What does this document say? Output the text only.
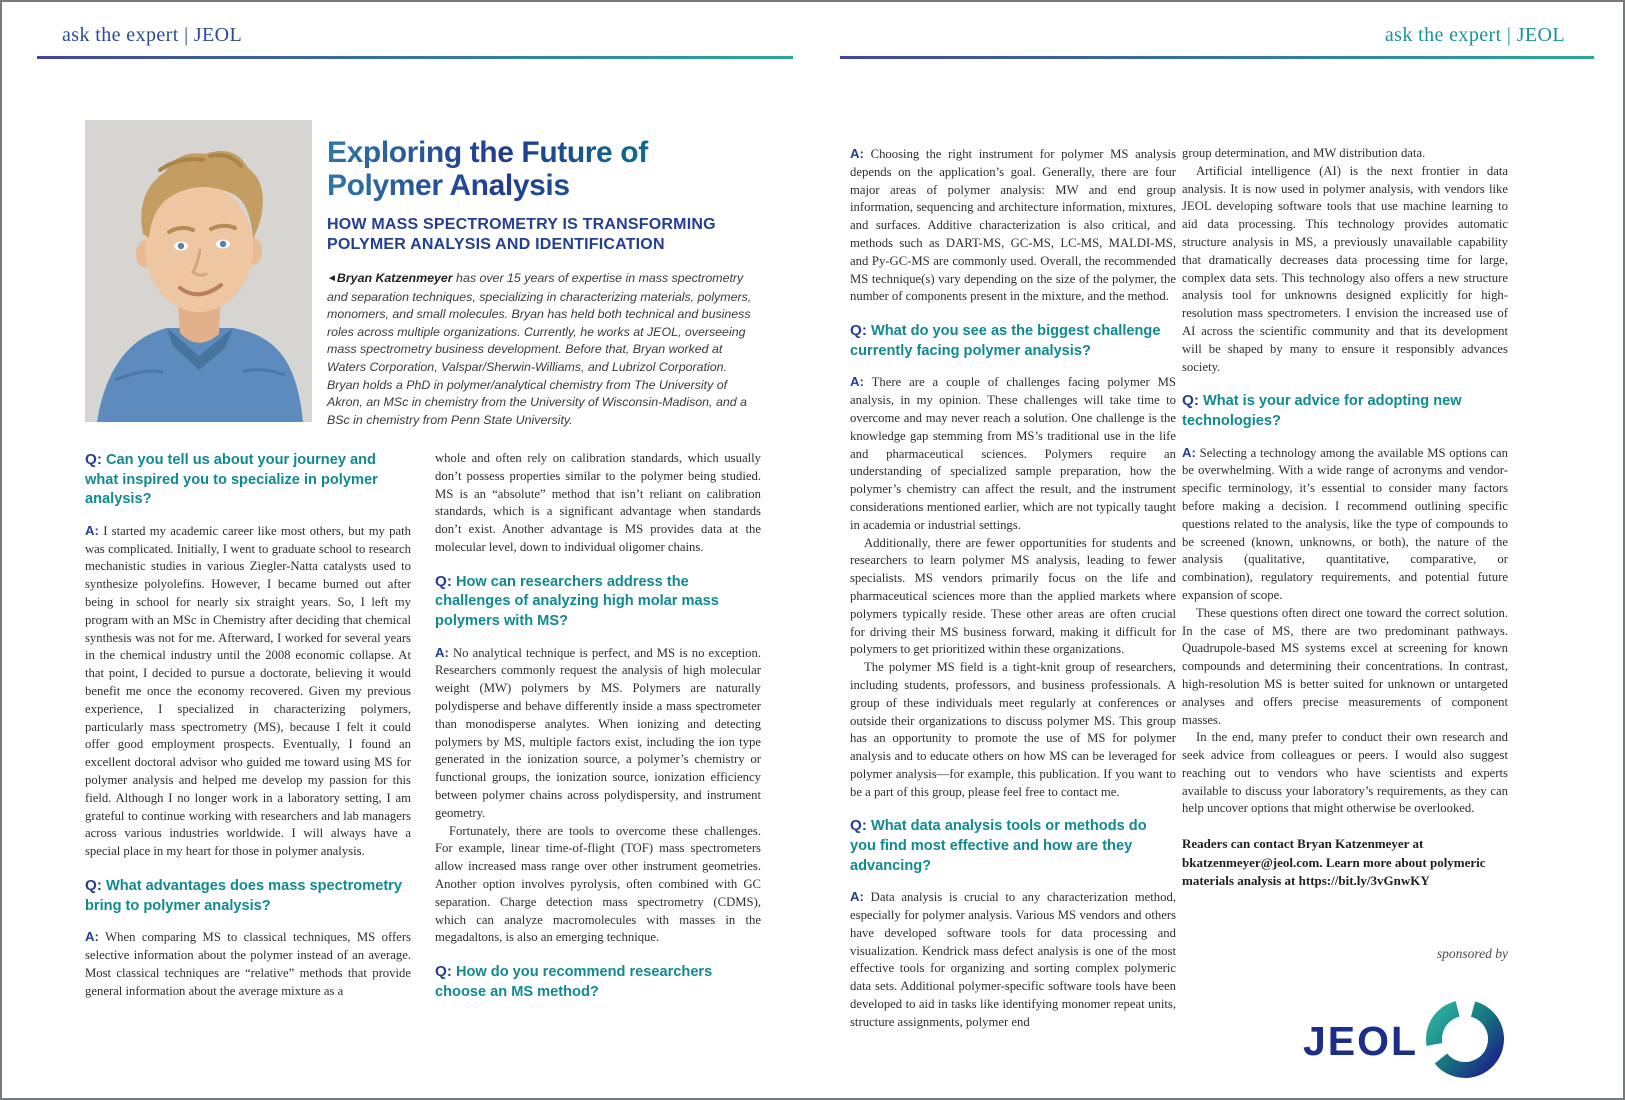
ask the expert | JEOL	ask the expert | JEOL
Exploring the Future of
Polymer Analysis
HOW MASS SPECTROMETRY IS TRANSFORMING
POLYMER ANALYSIS AND IDENTIFICATION

◄Bryan Katzenmeyer has over 15 years of expertise in mass spectrometry and separation techniques, specializing in characterizing materials, polymers, monomers, and small molecules. Bryan has held both technical and business roles across multiple organizations. Currently, he works at JEOL, overseeing mass spectrometry business development. Before that, Bryan worked at Waters Corporation, Valspar/Sherwin-Williams, and Lubrizol Corporation. Bryan holds a PhD in polymer/analytical chemistry from The University of Akron, an MSc in chemistry from the University of Wisconsin-Madison, and a BSc in chemistry from Penn State University.

Q: Can you tell us about your journey and what inspired you to specialize in polymer analysis?

A: I started my academic career like most others, but my path was complicated. Initially, I went to graduate school to research mechanistic studies in various Ziegler-Natta catalysts used to synthesize polyolefins. However, I became burned out after being in school for nearly six straight years. So, I left my program with an MSc in Chemistry after deciding that chemical synthesis was not for me. Afterward, I worked for several years in the chemical industry until the 2008 economic collapse. At that point, I decided to pursue a doctorate, believing it would benefit me once the economy recovered. Given my previous experience, I specialized in characterizing polymers, particularly mass spectrometry (MS), because I felt it could offer good employment prospects. Eventually, I found an excellent doctoral advisor who guided me toward using MS for polymer analysis and helped me develop my passion for this field. Although I no longer work in a laboratory setting, I am grateful to continue working with researchers and lab managers across various industries worldwide. I will always have a special place in my heart for those in polymer analysis.

Q: What advantages does mass spectrometry bring to polymer analysis?

A: When comparing MS to classical techniques, MS offers selective information about the polymer instead of an average. Most classical techniques are “relative” methods that provide general information about the average mixture as a

whole and often rely on calibration standards, which usually don’t possess properties similar to the polymer being studied. MS is an “absolute” method that isn’t reliant on calibration standards, which is a significant advantage when standards don’t exist. Another advantage is MS provides data at the molecular level, down to individual oligomer chains.

Q: How can researchers address the challenges of analyzing high molar mass polymers with MS?

A: No analytical technique is perfect, and MS is no exception. Researchers commonly request the analysis of high molecular weight (MW) polymers by MS. Polymers are naturally polydisperse and behave differently inside a mass spectrometer than monodisperse analytes. When ionizing and detecting polymers by MS, multiple factors exist, including the ion type generated in the ionization source, a polymer’s chemistry or functional groups, the ionization source, ionization efficiency between polymer chains across polydispersity, and instrument geometry.

Fortunately, there are tools to overcome these challenges. For example, linear time-of-flight (TOF) mass spectrometers allow increased mass range over other instrument geometries. Another option involves pyrolysis, often combined with GC separation. Charge detection mass spectrometry (CDMS), which can analyze macromolecules with masses in the megadaltons, is also an emerging technique.

Q: How do you recommend researchers choose an MS method?

A: Choosing the right instrument for polymer MS analysis depends on the application’s goal. Generally, there are four major areas of polymer analysis: MW and end group information, sequencing and architecture information, mixtures, and surfaces. Additive characterization is also critical, and methods such as DART-MS, GC-MS, LC-MS, MALDI-MS, and Py-GC-MS are commonly used. Overall, the recommended MS technique(s) vary depending on the size of the polymer, the number of components present in the mixture, and the method.

Q: What do you see as the biggest challenge currently facing polymer analysis?

A: There are a couple of challenges facing polymer MS analysis, in my opinion. These challenges will take time to overcome and may never reach a solution. One challenge is the knowledge gap stemming from MS’s traditional use in the life and pharmaceutical sciences. Polymers require an understanding of specialized sample preparation, how the polymer’s chemistry can affect the result, and the instrument considerations mentioned earlier, which are not typically taught in academia or industrial settings.

Additionally, there are fewer opportunities for students and researchers to learn polymer MS analysis, leading to fewer specialists. MS vendors primarily focus on the life and pharmaceutical sciences more than the applied markets where polymers typically reside. These other areas are often crucial for driving their MS business forward, making it difficult for polymers to get prioritized within these organizations.

The polymer MS field is a tight-knit group of researchers, including students, professors, and business professionals. A group of these individuals meet regularly at conferences or outside their organizations to discuss polymer MS. This group has an opportunity to promote the use of MS for polymer analysis and to educate others on how MS can be leveraged for polymer analysis—for example, this publication. If you want to be a part of this group, please feel free to contact me.

Q: What data analysis tools or methods do you find most effective and how are they advancing?

A: Data analysis is crucial to any characterization method, especially for polymer analysis. Various MS vendors and others have developed software tools for data processing and visualization. Kendrick mass defect analysis is one of the most effective tools for organizing and sorting complex polymeric data sets. Additional polymer-specific software tools have been developed to aid in tasks like identifying monomer repeat units, structure assignments, polymer end

group determination, and MW distribution data.

Artificial intelligence (AI) is the next frontier in data analysis. It is now used in polymer analysis, with vendors like JEOL developing software tools that use machine learning to aid data processing. This technology provides automatic structure analysis in MS, a previously unavailable capability that dramatically decreases data processing time for large, complex data sets. This technology also offers a new structure analysis tool for unknowns designed explicitly for high-resolution mass spectrometers. I envision the increased use of AI across the scientific community and that its development will be shaped by many to ensure it responsibly advances society.

Q: What is your advice for adopting new technologies?

A: Selecting a technology among the available MS options can be overwhelming. With a wide range of acronyms and vendor-specific terminology, it’s essential to consider many factors before making a decision. I recommend outlining specific questions related to the analysis, like the type of compounds to be screened (known, unknowns, or both), the nature of the analysis (qualitative, quantitative, comparative, or combination), regulatory requirements, and potential future expansion of scope.

These questions often direct one toward the correct solution. In the case of MS, there are two predominant pathways. Quadrupole-based MS systems excel at screening for known compounds and determining their concentrations. In contrast, high-resolution MS is better suited for unknown or untargeted analyses and offers precise measurements of component masses.

In the end, many prefer to conduct their own research and seek advice from colleagues or peers. I would also suggest reaching out to vendors who have scientists and experts available to discuss your laboratory’s requirements, as they can help uncover options that might otherwise be overlooked.

Readers can contact Bryan Katzenmeyer at bkatzenmeyer@jeol.com. Learn more about polymeric materials analysis at https://bit.ly/3vGnwKY

sponsored by

JEOL
